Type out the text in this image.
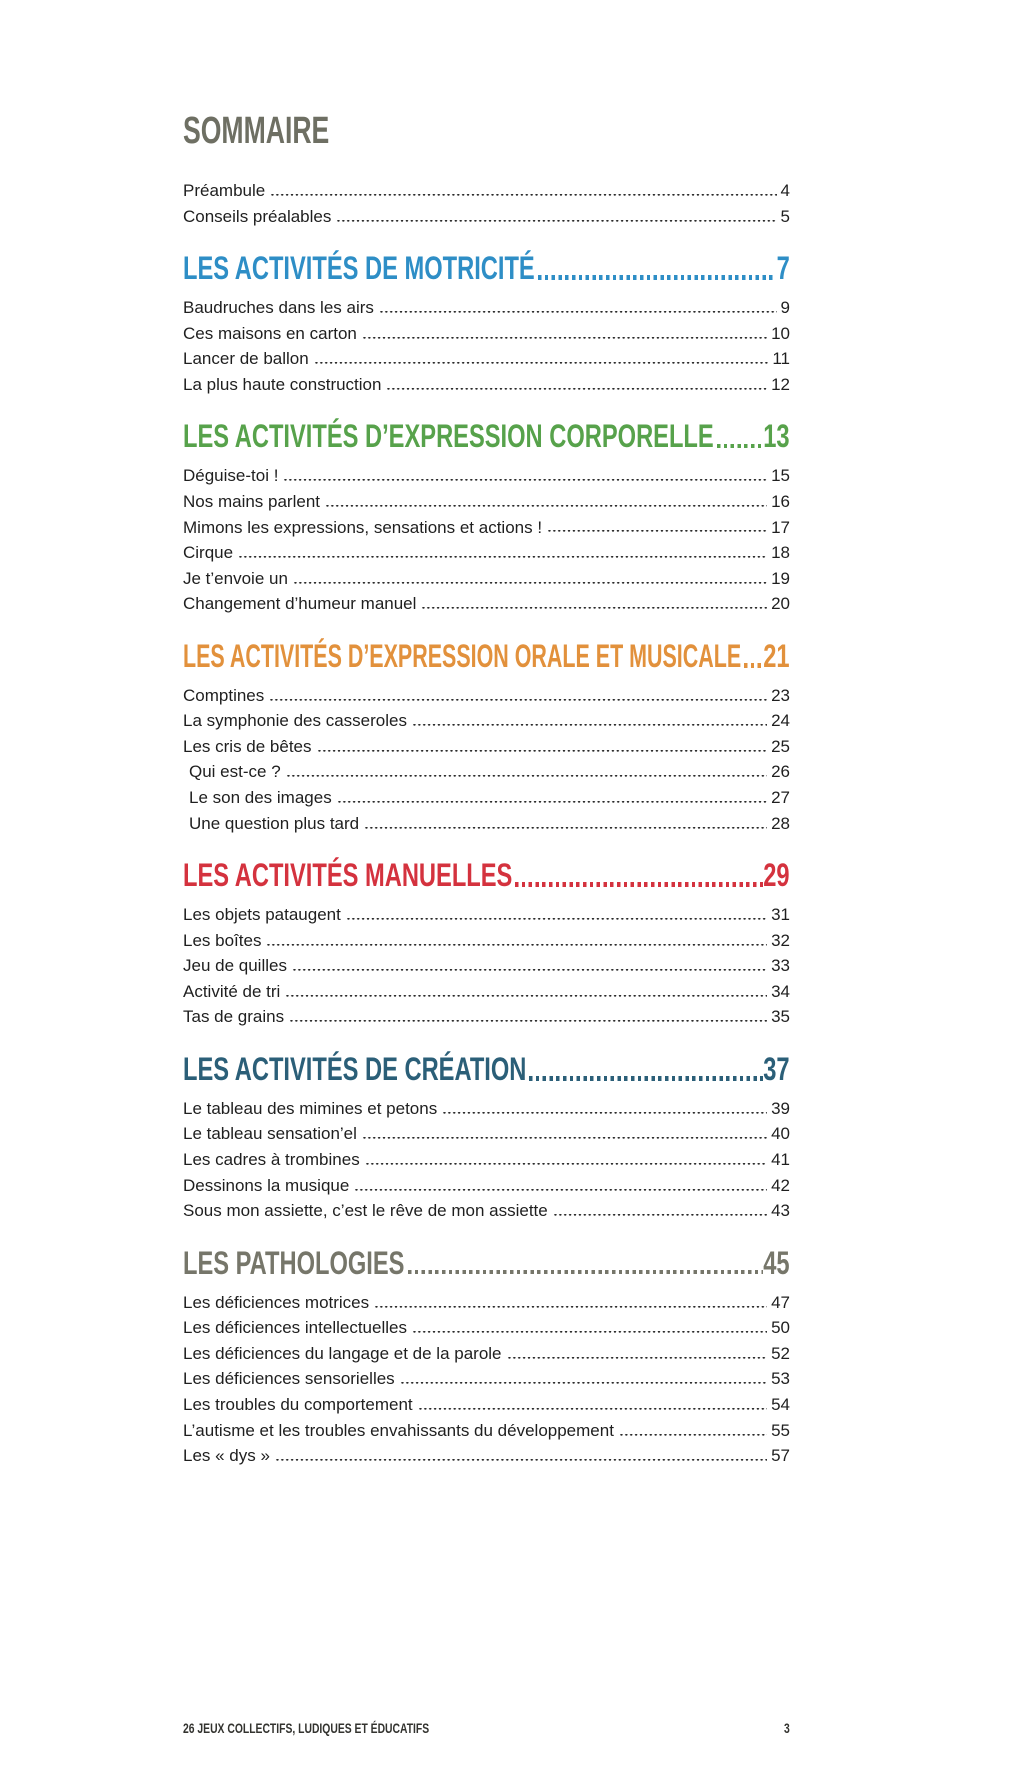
SOMMAIRE
Préambule	4
Conseils préalables	5
LES ACTIVITÉS DE MOTRICITÉ	7
Baudruches dans les airs	9
Ces maisons en carton	10
Lancer de ballon	11
La plus haute construction	12
LES ACTIVITÉS D’EXPRESSION CORPORELLE 13
Déguise-toi !	15
Nos mains parlent	16
Mimons les expressions, sensations et actions !	17
Cirque	18
Je t’envoie un	19
Changement d’humeur manuel	20
LES ACTIVITÉS D’EXPRESSION ORALE ET MUSICALE 21
Comptines	23
La symphonie des casseroles	24
Les cris de bêtes	25
Qui est-ce ?	26
Le son des images	27
Une question plus tard	28
LES ACTIVITÉS MANUELLES	29
Les objets pataugent	31
Les boîtes	32
Jeu de quilles	33
Activité de tri	34
Tas de grains	35
LES ACTIVITÉS DE CRÉATION	37
Le tableau des mimines et petons	39
Le tableau sensation’el	40
Les cadres à trombines	41
Dessinons la musique	42
Sous mon assiette, c’est le rêve de mon assiette	43
LES PATHOLOGIES	45
Les déficiences motrices	47
Les déficiences intellectuelles	50
Les déficiences du langage et de la parole	52
Les déficiences sensorielles	53
Les troubles du comportement	54
L’autisme et les troubles envahissants du développement	55
Les « dys »	57
26 JEUX COLLECTIFS, LUDIQUES ET ÉDUCATIFS	3
